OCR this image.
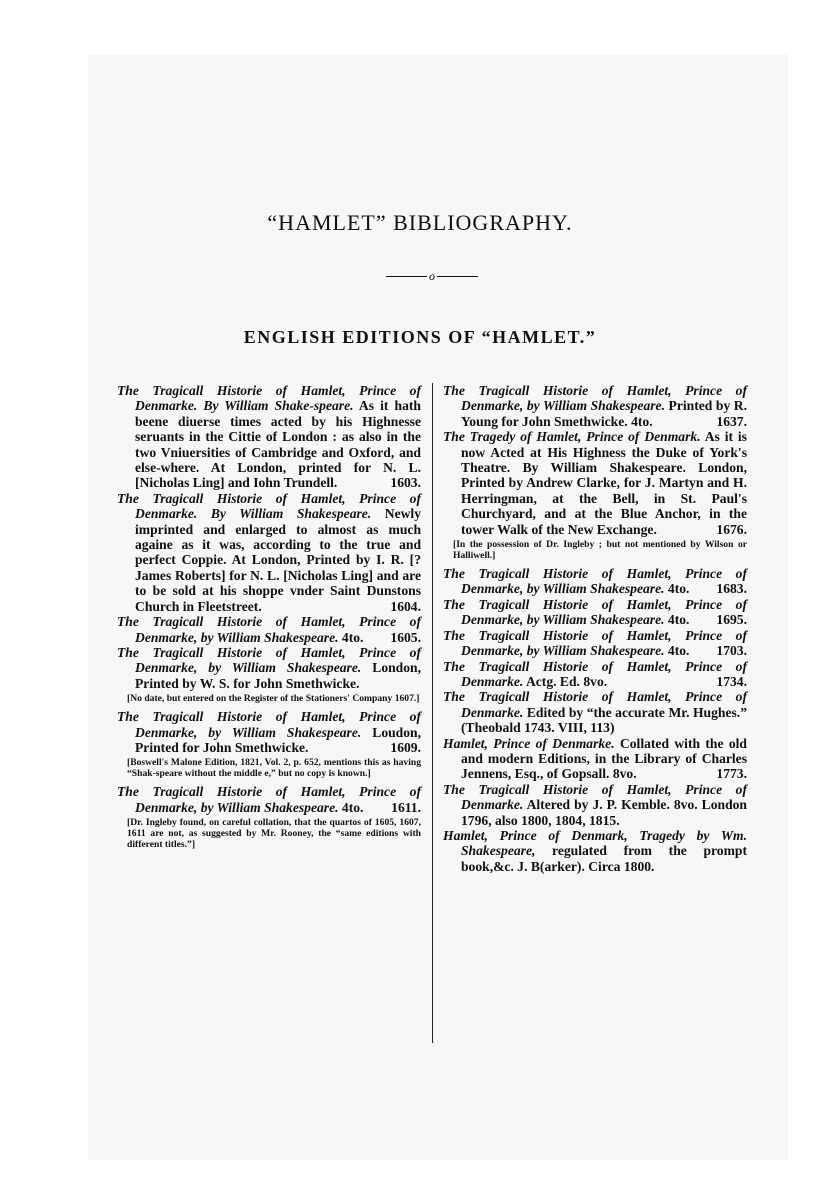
“HAMLET” BIBLIOGRAPHY.
o
ENGLISH EDITIONS OF “HAMLET.”
The Tragicall Historie of Hamlet, Prince of Denmarke. By William Shake-speare. As it hath beene diuerse times acted by his Highnesse seruants in the Cittie of London : as also in the two Vniuersities of Cambridge and Oxford, and else-where. At London, printed for N. L. [Nicholas Ling] and Iohn Trundell.	1603.
The Tragicall Historie of Hamlet, Prince of Denmarke. By William Shakespeare. Newly imprinted and enlarged to almost as much againe as it was, according to the true and perfect Coppie. At London, Printed by I. R. [? James Roberts] for N. L. [Nicholas Ling] and are to be sold at his shoppe vnder Saint Dunstons Church in Fleetstreet.	1604.
The Tragicall Historie of Hamlet, Prince of Denmarke, by William Shakespeare. 4to. 1605.
The Tragicall Historie of Hamlet, Prince of Denmarke, by William Shakespeare. London, Printed by W. S. for John Smethwicke.
[No date, but entered on the Register of the Stationers' Company 1607.]
The Tragicall Historie of Hamlet, Prince of Denmarke, by William Shakespeare. Loudon, Printed for John Smethwicke.	1609.
[Boswell's Malone Edition, 1821, Vol. 2, p. 652, mentions this as having “Shak-speare without the middle e,” but no copy is known.]
The Tragicall Historie of Hamlet, Prince of Denmarke, by William Shakespeare. 4to. 1611.
[Dr. Ingleby found, on careful collation, that the quartos of 1605, 1607, 1611 are not, as suggested by Mr. Rooney, the “same editions with different titles.”]
The Tragicall Historie of Hamlet, Prince of Denmarke, by William Shakespeare. Printed by R. Young for John Smethwicke. 4to.	1637.
The Tragedy of Hamlet, Prince of Denmark. As it is now Acted at His Highness the Duke of York's Theatre. By William Shakespeare. London, Printed by Andrew Clarke, for J. Martyn and H. Herringman, at the Bell, in St. Paul's Churchyard, and at the Blue Anchor, in the tower Walk of the New Exchange.	1676.
[In the possession of Dr. Ingleby ; but not mentioned by Wilson or Halliwell.]
The Tragicall Historie of Hamlet, Prince of Denmarke, by William Shakespeare. 4to. 1683.
The Tragicall Historie of Hamlet, Prince of Denmarke, by William Shakespeare. 4to. 1695.
The Tragicall Historie of Hamlet, Prince of Denmarke, by William Shakespeare. 4to. 1703.
The Tragicall Historie of Hamlet, Prince of Denmarke. Actg. Ed. 8vo.	1734.
The Tragicall Historie of Hamlet, Prince of Denmarke. Edited by “the accurate Mr. Hughes.” (Theobald 1743. VIII, 113)
Hamlet, Prince of Denmarke. Collated with the old and modern Editions, in the Library of Charles Jennens, Esq., of Gopsall. 8vo.	1773.
The Tragicall Historie of Hamlet, Prince of Denmarke. Altered by J. P. Kemble. 8vo. London 1796, also 1800, 1804, 1815.
Hamlet, Prince of Denmark, Tragedy by Wm. Shakespeare, regulated from the prompt book,&c. J. B(arker). Circa 1800.
